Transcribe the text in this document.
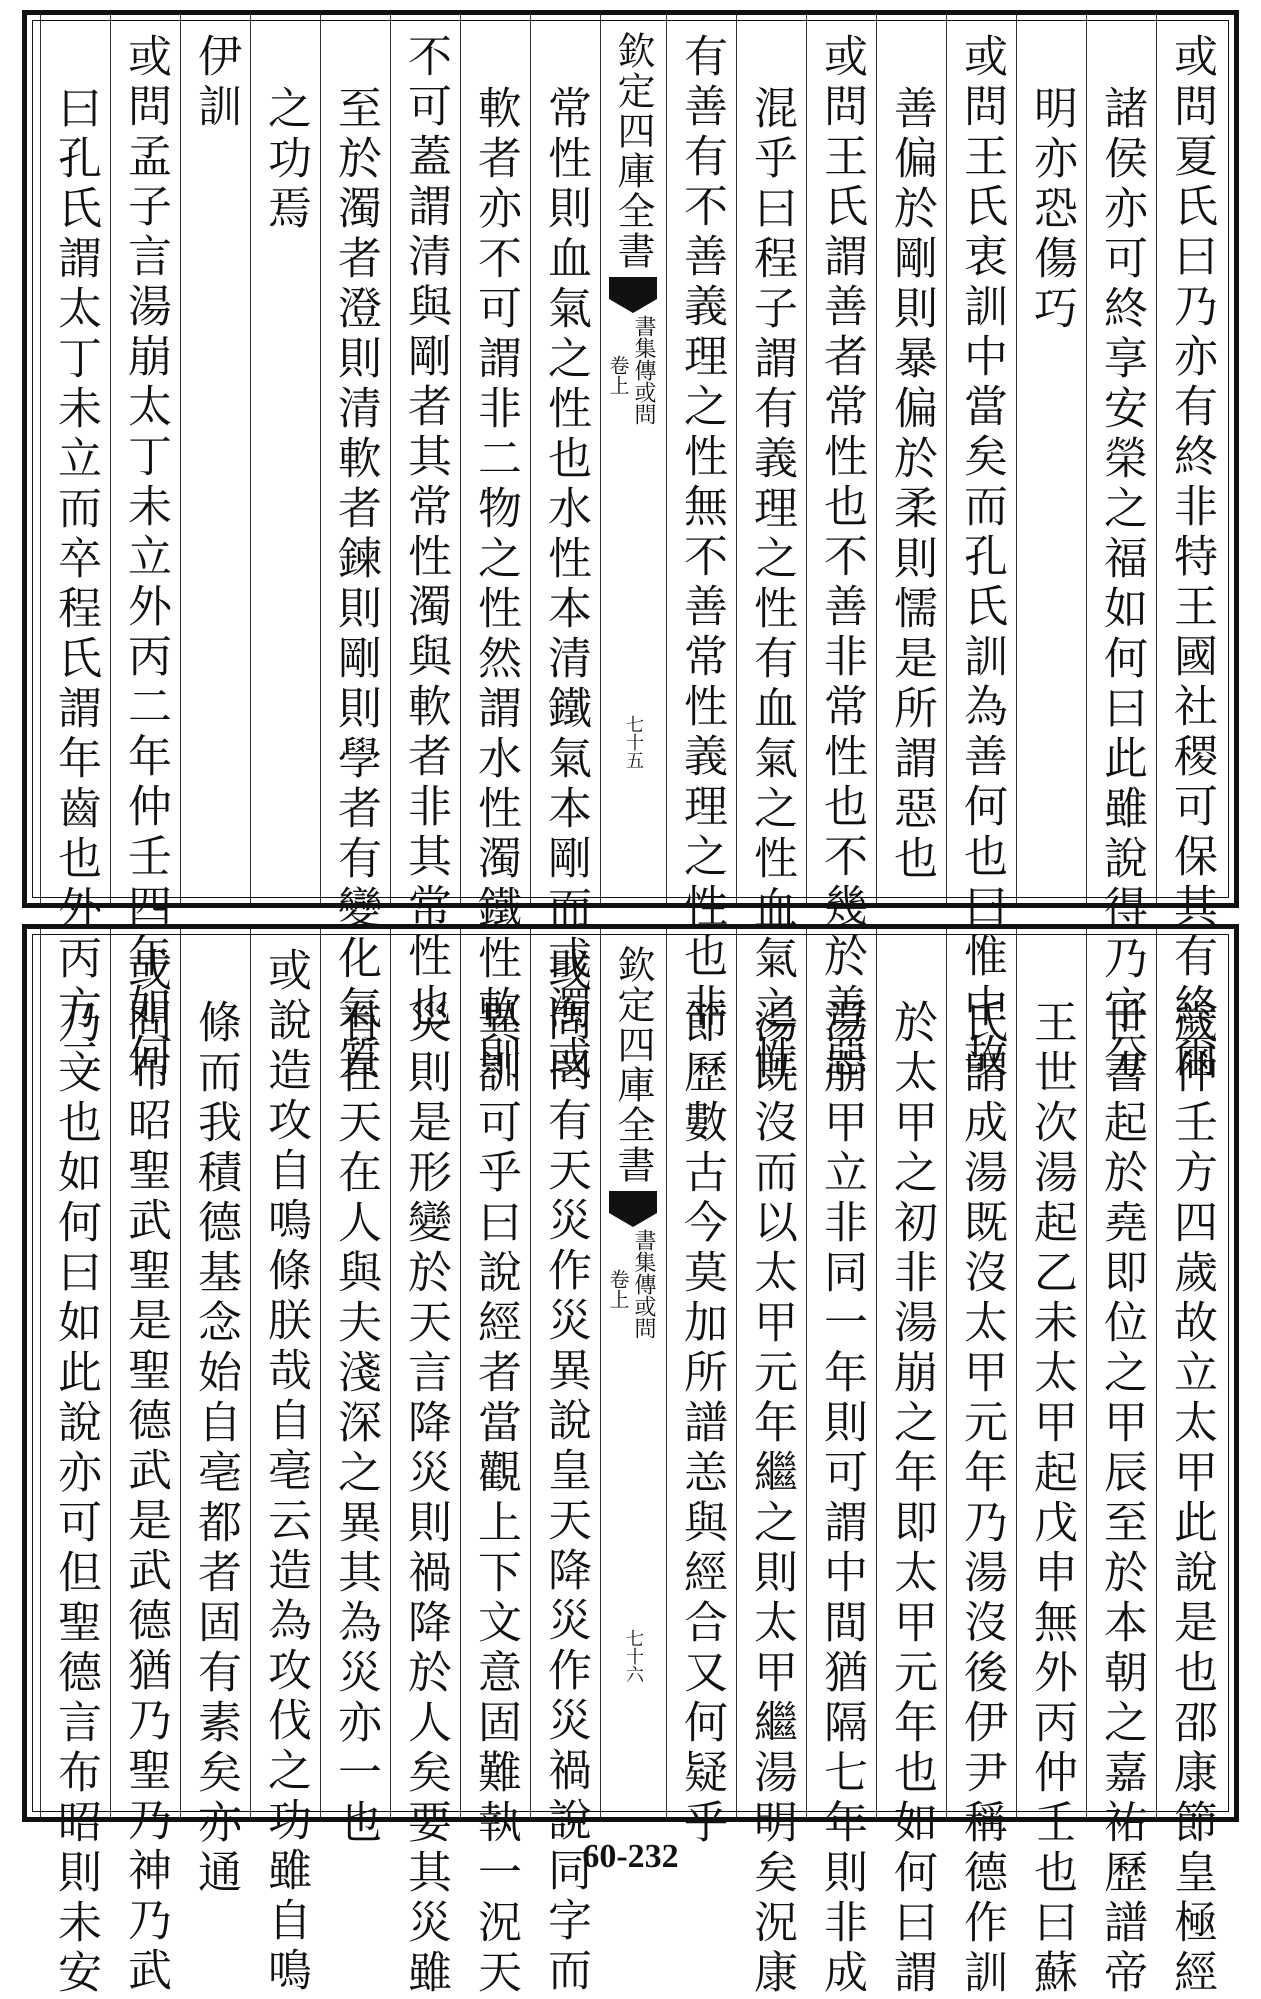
或問夏氏曰乃亦有終非特王國社稷可保其有終爾
諸侯亦可終享安榮之福如何曰此雖說得乃字分
明亦恐傷巧
或問王氏衷訓中當矣而孔氏訓為善何也曰惟中故
善偏於剛則暴偏於柔則懦是所謂惡也
或問王氏謂善者常性也不善非常性也不幾於善惡
混乎曰程子謂有義理之性有血氣之性血氣之性
有善有不善義理之性無不善常性義理之性也非
欽定四庫全書
書集傳或問
卷上
七十五
常性則血氣之性也水性本清鐵氣本剛而或濁或
軟者亦不可謂非二物之性然謂水性濁鐵性軟則
不可蓋謂清與剛者其常性濁與軟者非其常性也
至於濁者澄則清軟者鍊則剛則學者有變化氣質
之功焉
伊訓
或問孟子言湯崩太丁未立外丙二年仲壬四年如何
曰孔氏謂太丁未立而卒程氏謂年齒也外丙方二
歲仲壬方四歲故立太甲此說是也邵康節皇極經
世書起於堯即位之甲辰至於本朝之嘉祐歷譜帝
王世次湯起乙未太甲起戊申無外丙仲壬也曰蘇
氏謂成湯既沒太甲元年乃湯沒後伊尹稱德作訓
於太甲之初非湯崩之年即太甲元年也如何曰謂
湯崩甲立非同一年則可謂中間猶隔七年則非成
湯既沒而以太甲元年繼之則太甲繼湯明矣況康
節歷數古今莫加所譜恙與經合又何疑乎
欽定四庫全書
書集傳或問
卷上
七十六
或問罔有天災作災異說皇天降災作災禍說同字而
異訓可乎曰說經者當觀上下文意固難執一況天
災則是形變於天言降災則禍降於人矣要其災雖
有在天在人與夫淺深之異其為災亦一也
或說造攻自鳴條朕哉自亳云造為攻伐之功雖自鳴
條而我積德基念始自亳都者固有素矣亦通
或問布昭聖武聖是聖德武是武德猶乃聖乃神乃武
乃文也如何曰如此說亦可但聖德言布昭則未安	60-232
